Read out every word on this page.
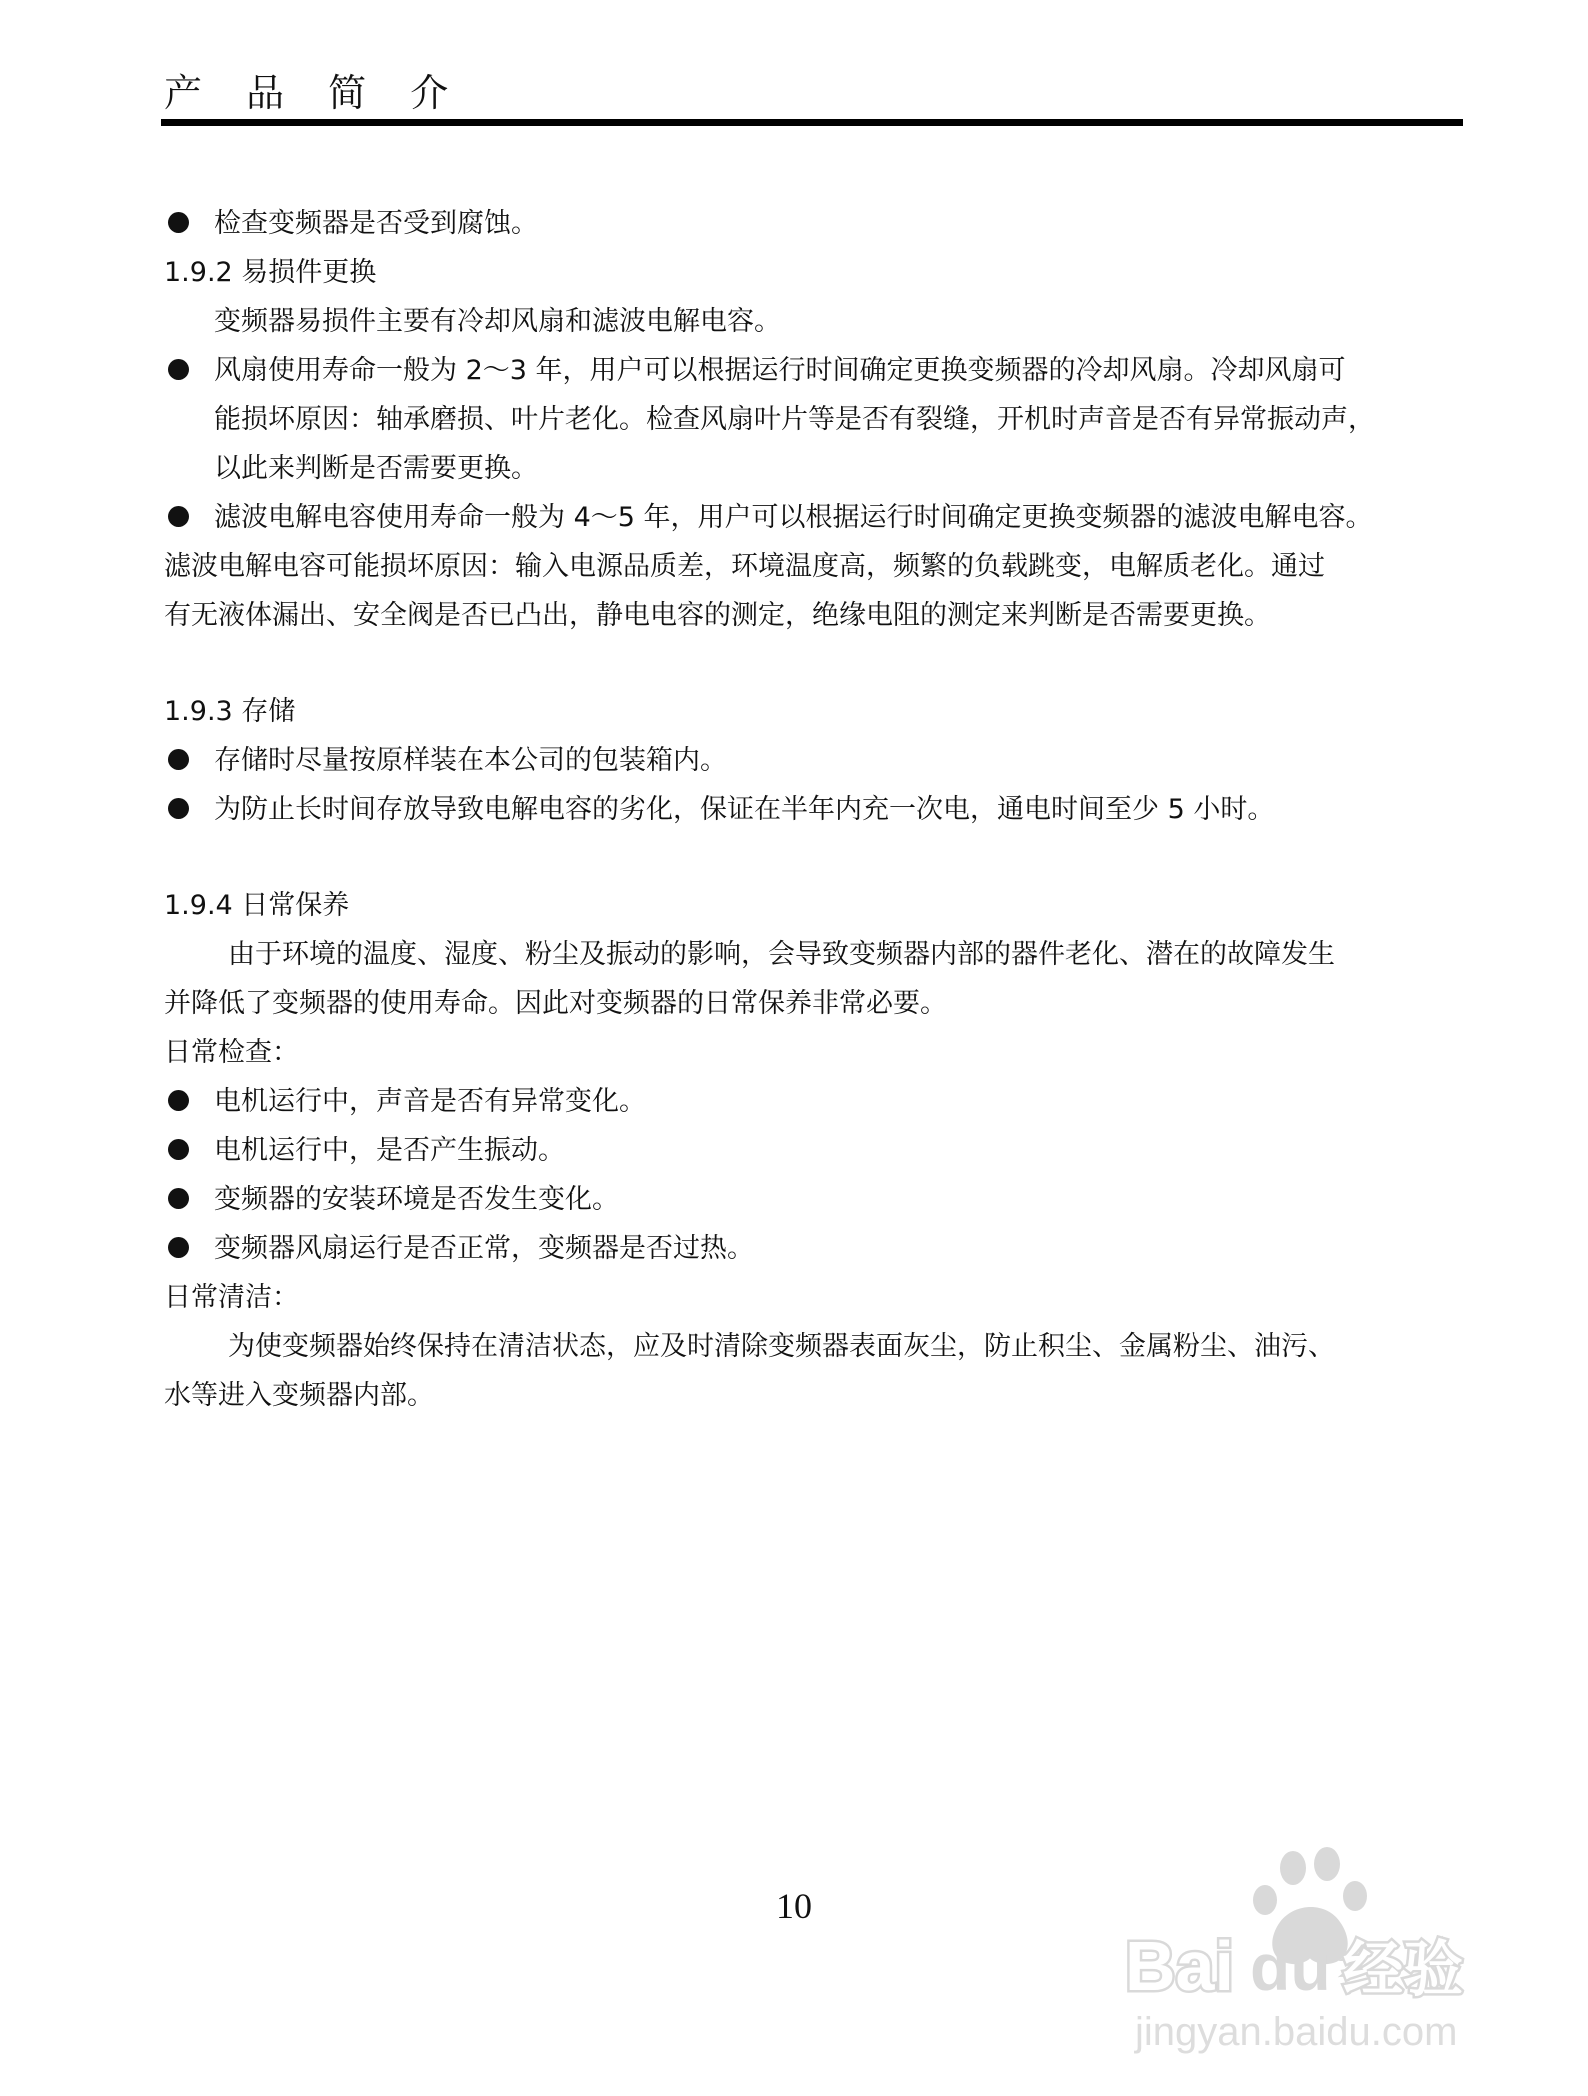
产 品 简 介
检查变频器是否受到腐蚀。
1.9.2 易损件更换
变频器易损件主要有冷却风扇和滤波电解电容。
风扇使用寿命一般为 2～3 年，用户可以根据运行时间确定更换变频器的冷却风扇。冷却风扇可
能损坏原因：轴承磨损、叶片老化。检查风扇叶片等是否有裂缝，开机时声音是否有异常振动声，
以此来判断是否需要更换。
滤波电解电容使用寿命一般为 4～5 年，用户可以根据运行时间确定更换变频器的滤波电解电容。
滤波电解电容可能损坏原因：输入电源品质差，环境温度高，频繁的负载跳变，电解质老化。通过
有无液体漏出、安全阀是否已凸出，静电电容的测定，绝缘电阻的测定来判断是否需要更换。
1.9.3 存储
存储时尽量按原样装在本公司的包装箱内。
为防止长时间存放导致电解电容的劣化，保证在半年内充一次电，通电时间至少 5 小时。
1.9.4 日常保养
由于环境的温度、湿度、粉尘及振动的影响，会导致变频器内部的器件老化、潜在的故障发生
并降低了变频器的使用寿命。因此对变频器的日常保养非常必要。
日常检查：
电机运行中，声音是否有异常变化。
电机运行中，是否产生振动。
变频器的安装环境是否发生变化。
变频器风扇运行是否正常，变频器是否过热。
日常清洁：
为使变频器始终保持在清洁状态，应及时清除变频器表面灰尘，防止积尘、金属粉尘、油污、
水等进入变频器内部。
10
Bai du 经验
jingyan.baidu.com
